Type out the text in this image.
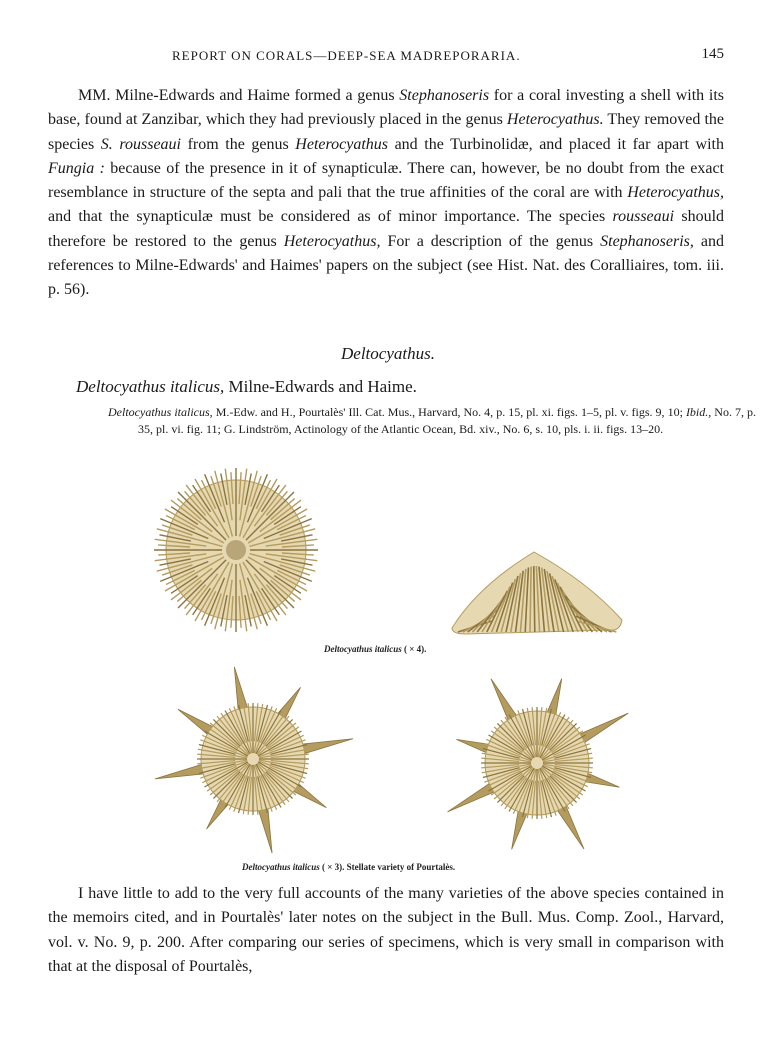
REPORT ON CORALS—DEEP-SEA MADREPORARIA.	145
MM. Milne-Edwards and Haime formed a genus Stephanoseris for a coral investing a shell with its base, found at Zanzibar, which they had previously placed in the genus Heterocyathus. They removed the species S. rousseaui from the genus Heterocyathus and the Turbinolidæ, and placed it far apart with Fungia : because of the presence in it of synapticulæ. There can, however, be no doubt from the exact resemblance in structure of the septa and pali that the true affinities of the coral are with Heterocyathus, and that the synapticulæ must be considered as of minor importance. The species rousseaui should therefore be restored to the genus Heterocyathus, For a description of the genus Stephanoseris, and references to Milne-Edwards' and Haimes' papers on the subject (see Hist. Nat. des Coralliaires, tom. iii. p. 56).
Deltocyathus.
Deltocyathus italicus, Milne-Edwards and Haime.
Deltocyathus italicus, M.-Edw. and H., Pourtalès' Ill. Cat. Mus., Harvard, No. 4, p. 15, pl. xi. figs. 1–5, pl. v. figs. 9, 10; Ibid., No. 7, p. 35, pl. vi. fig. 11; G. Lindström, Actinology of the Atlantic Ocean, Bd. xiv., No. 6, s. 10, pls. i. ii. figs. 13–20.
Deltocyathus italicus ( × 4).
Deltocyathus italicus ( × 3). Stellate variety of Pourtalès.
I have little to add to the very full accounts of the many varieties of the above species contained in the memoirs cited, and in Pourtalès' later notes on the subject in the Bull. Mus. Comp. Zool., Harvard, vol. v. No. 9, p. 200. After comparing our series of specimens, which is very small in comparison with that at the disposal of Pourtalès,
